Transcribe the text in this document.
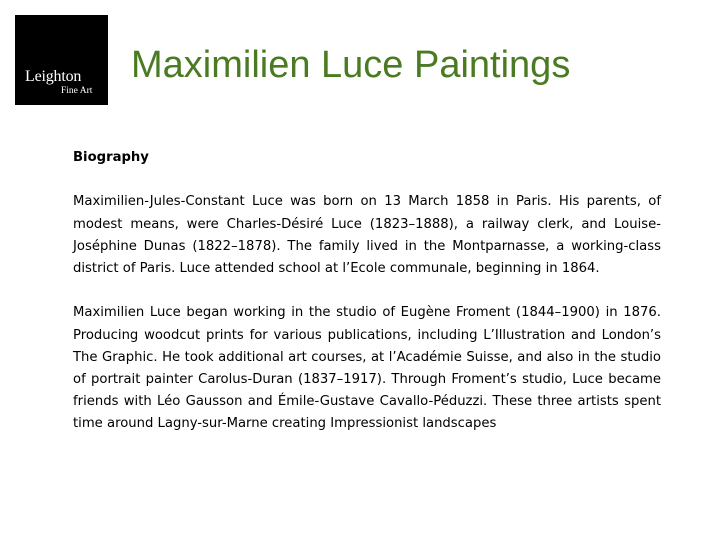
Leighton
Fine Art
Maximilien Luce Paintings

Biography

Maximilien-Jules-Constant Luce was born on 13 March 1858 in Paris. His parents, of modest means, were Charles-Désiré Luce (1823–1888), a railway clerk, and Louise-Joséphine Dunas (1822–1878). The family lived in the Montparnasse, a working-class district of Paris. Luce attended school at l’Ecole communale, beginning in 1864.

Maximilien Luce began working in the studio of Eugène Froment (1844–1900) in 1876. Producing woodcut prints for various publications, including L’Illustration and London’s The Graphic. He took additional art courses, at l’Académie Suisse, and also in the studio of portrait painter Carolus-Duran (1837–1917). Through Froment’s studio, Luce became friends with Léo Gausson and Émile-Gustave Cavallo-Péduzzi. These three artists spent time around Lagny-sur-Marne creating Impressionist landscapes
